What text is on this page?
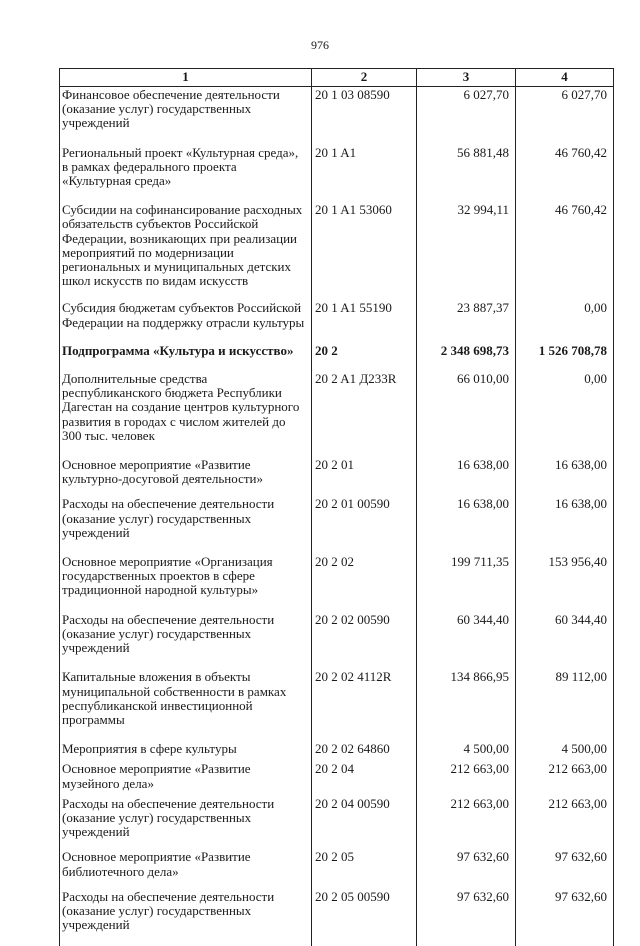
976
1	2	3	4
Финансовое обеспечение деятельности (оказание услуг) государственных учреждений	20 1 03 08590	6 027,70	6 027,70
Региональный проект «Культурная среда», в рамках федерального проекта «Культурная среда»	20 1 A1	56 881,48	46 760,42
Субсидии на софинансирование расходных обязательств субъектов Российской Федерации, возникающих при реализации мероприятий по модернизации региональных и муниципальных детских школ искусств по видам искусств	20 1 A1 53060	32 994,11	46 760,42
Субсидия бюджетам субъектов Российской Федерации на поддержку отрасли культуры	20 1 A1 55190	23 887,37	0,00
Подпрограмма «Культура и искусство»	20 2	2 348 698,73	1 526 708,78
Дополнительные средства республиканского бюджета Республики Дагестан на создание центров культурного развития в городах с числом жителей до 300 тыс. человек	20 2 A1 Д233R	66 010,00	0,00
Основное мероприятие «Развитие культурно-досуговой деятельности»	20 2 01	16 638,00	16 638,00
Расходы на обеспечение деятельности (оказание услуг) государственных учреждений	20 2 01 00590	16 638,00	16 638,00
Основное мероприятие «Организация государственных проектов в сфере традиционной народной культуры»	20 2 02	199 711,35	153 956,40
Расходы на обеспечение деятельности (оказание услуг) государственных учреждений	20 2 02 00590	60 344,40	60 344,40
Капитальные вложения в объекты муниципальной собственности в рамках республиканской инвестиционной программы	20 2 02 4112R	134 866,95	89 112,00
Мероприятия в сфере культуры	20 2 02 64860	4 500,00	4 500,00
Основное мероприятие «Развитие музейного дела»	20 2 04	212 663,00	212 663,00
Расходы на обеспечение деятельности (оказание услуг) государственных учреждений	20 2 04 00590	212 663,00	212 663,00
Основное мероприятие «Развитие библиотечного дела»	20 2 05	97 632,60	97 632,60
Расходы на обеспечение деятельности (оказание услуг) государственных учреждений	20 2 05 00590	97 632,60	97 632,60
